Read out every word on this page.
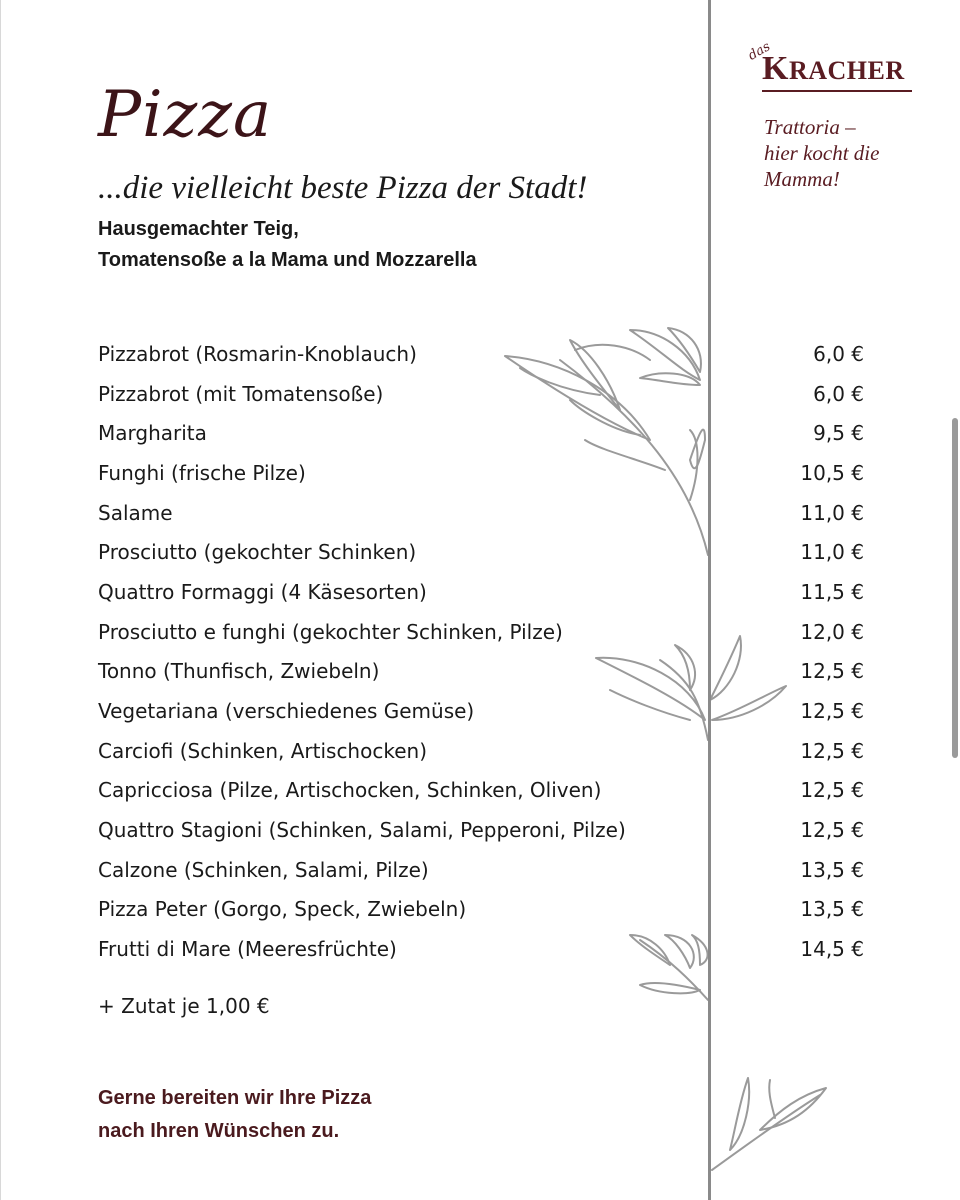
Pizza
...die vielleicht beste Pizza der Stadt!
Hausgemachter Teig,
Tomatensoße a la Mama und Mozzarella
Pizzabrot (Rosmarin-Knoblauch)	6,0 €
Pizzabrot (mit Tomatensoße)	6,0 €
Margharita	9,5 €
Funghi (frische Pilze)	10,5 €
Salame	11,0 €
Prosciutto (gekochter Schinken)	11,0 €
Quattro Formaggi (4 Käsesorten)	11,5 €
Prosciutto e funghi (gekochter Schinken, Pilze)	12,0 €
Tonno (Thunfisch, Zwiebeln)	12,5 €
Vegetariana (verschiedenes Gemüse)	12,5 €
Carciofi (Schinken, Artischocken)	12,5 €
Capricciosa (Pilze, Artischocken, Schinken, Oliven)	12,5 €
Quattro Stagioni (Schinken, Salami, Pepperoni, Pilze)	12,5 €
Calzone (Schinken, Salami, Pilze)	13,5 €
Pizza Peter (Gorgo, Speck, Zwiebeln)	13,5 €
Frutti di Mare (Meeresfrüchte)	14,5 €
+ Zutat je 1,00 €
Gerne bereiten wir Ihre Pizza
nach Ihren Wünschen zu.
das
KRACHER
Trattoria –
hier kocht die
Mamma!
